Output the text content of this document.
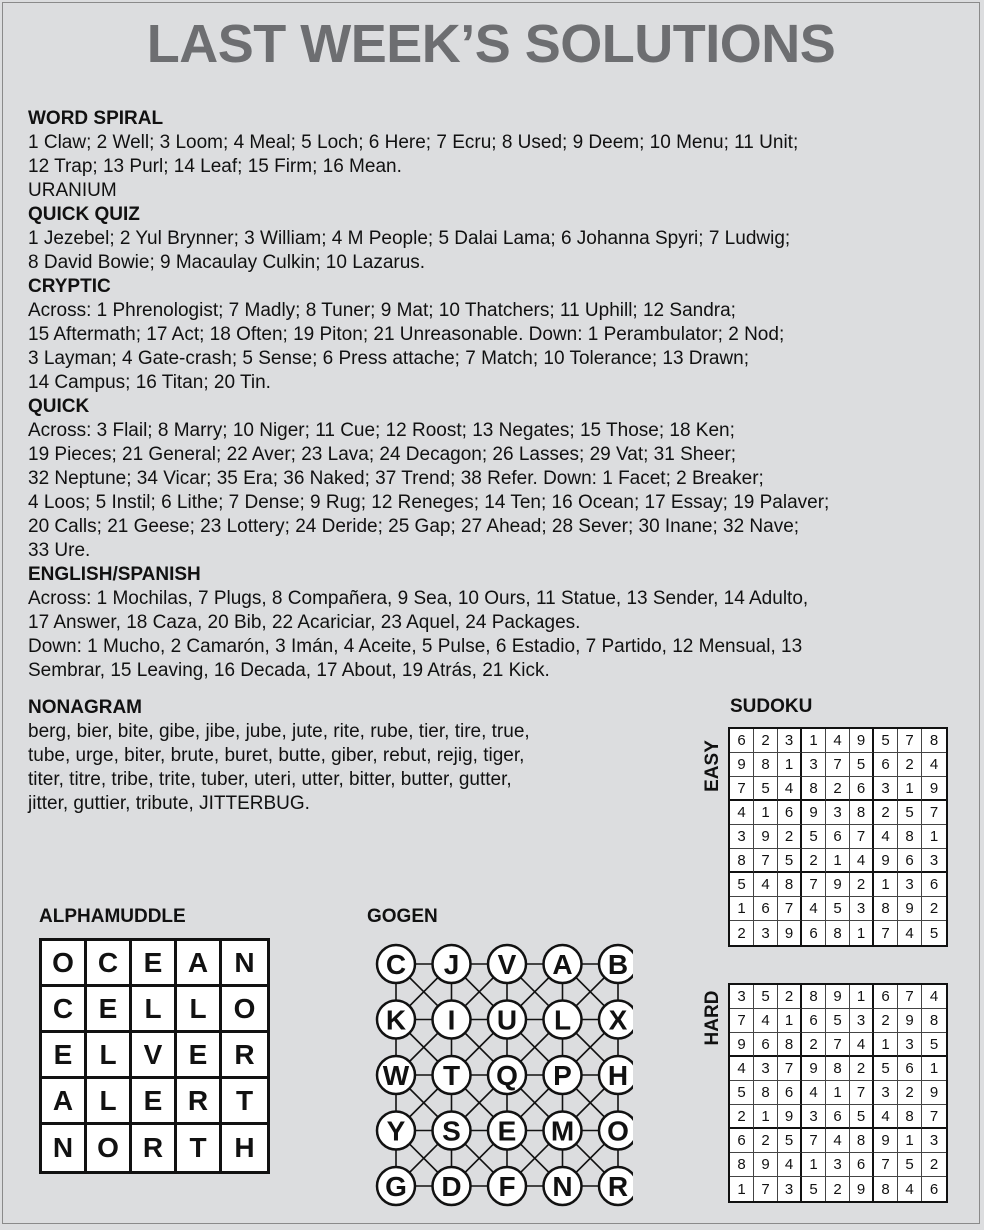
LAST WEEK’S SOLUTIONS
WORD SPIRAL
1 Claw; 2 Well; 3 Loom; 4 Meal; 5 Loch; 6 Here; 7 Ecru; 8 Used; 9 Deem; 10 Menu; 11 Unit;
12 Trap; 13 Purl; 14 Leaf; 15 Firm; 16 Mean.
URANIUM
QUICK QUIZ
1 Jezebel; 2 Yul Brynner; 3 William; 4 M People; 5 Dalai Lama; 6 Johanna Spyri; 7 Ludwig;
8 David Bowie; 9 Macaulay Culkin; 10 Lazarus.
CRYPTIC
Across: 1 Phrenologist; 7 Madly; 8 Tuner; 9 Mat; 10 Thatchers; 11 Uphill; 12 Sandra;
15 Aftermath; 17 Act; 18 Often; 19 Piton; 21 Unreasonable. Down: 1 Perambulator; 2 Nod;
3 Layman; 4 Gate-crash; 5 Sense; 6 Press attache; 7 Match; 10 Tolerance; 13 Drawn;
14 Campus; 16 Titan; 20 Tin.
QUICK
Across: 3 Flail; 8 Marry; 10 Niger; 11 Cue; 12 Roost; 13 Negates; 15 Those; 18 Ken;
19 Pieces; 21 General; 22 Aver; 23 Lava; 24 Decagon; 26 Lasses; 29 Vat; 31 Sheer;
32 Neptune; 34 Vicar; 35 Era; 36 Naked; 37 Trend; 38 Refer. Down: 1 Facet; 2 Breaker;
4 Loos; 5 Instil; 6 Lithe; 7 Dense; 9 Rug; 12 Reneges; 14 Ten; 16 Ocean; 17 Essay; 19 Palaver;
20 Calls; 21 Geese; 23 Lottery; 24 Deride; 25 Gap; 27 Ahead; 28 Sever; 30 Inane; 32 Nave;
33 Ure.
ENGLISH/SPANISH
Across: 1 Mochilas, 7 Plugs, 8 Compañera, 9 Sea, 10 Ours, 11 Statue, 13 Sender, 14 Adulto,
17 Answer, 18 Caza, 20 Bib, 22 Acariciar, 23 Aquel, 24 Packages.
Down: 1 Mucho, 2 Camarón, 3 Imán, 4 Aceite, 5 Pulse, 6 Estadio, 7 Partido, 12 Mensual, 13
Sembrar, 15 Leaving, 16 Decada, 17 About, 19 Atrás, 21 Kick.
NONAGRAM
berg, bier, bite, gibe, jibe, jube, jute, rite, rube, tier, tire, true,
tube, urge, biter, brute, buret, butte, giber, rebut, rejig, tiger,
titer, titre, tribe, trite, tuber, uteri, utter, bitter, butter, gutter,
jitter, guttier, tribute, JITTERBUG.
SUDOKU
EASY 6	2	3	1	4	9	5	7	8
9	8	1	3	7	5	6	2	4
7	5	4	8	2	6	3	1	9
4	1	6	9	3	8	2	5	7
3	9	2	5	6	7	4	8	1
8	7	5	2	1	4	9	6	3
5	4	8	7	9	2	1	3	6
1	6	7	4	5	3	8	9	2
2	3	9	6	8	1	7	4	5
HARD 3	5	2	8	9	1	6	7	4
7	4	1	6	5	3	2	9	8
9	6	8	2	7	4	1	3	5
4	3	7	9	8	2	5	6	1
5	8	6	4	1	7	3	2	9
2	1	9	3	6	5	4	8	7
6	2	5	7	4	8	9	1	3
8	9	4	1	3	6	7	5	2
1	7	3	5	2	9	8	4	6
ALPHAMUDDLE
O C E A N
C E L L O
E L V E R
A L E R T
N O R T H
GOGEN
C J V A B
K I U L X
W T Q P H
Y S E M O
G D F N R
